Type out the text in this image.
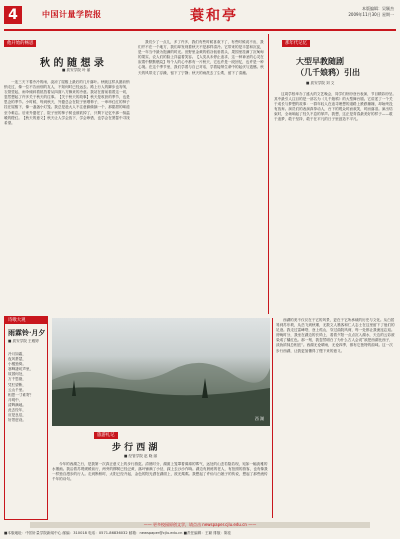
4	中国计量学院报	蓑和亭	本版编辑：吴颖杰
2009年11月30日 星期一
他开始的畅思
秋 的 随 想 录
■ 质安学院 叶 丽
一连三天下着冷冷的雨，浇凉了屋檐上最后的几片落叶。秋就这样从窗前悄悄走过，像一位不告而别的友人，不知何时已经远去。路上行人的脚步也匆匆，衣领竖起，雨伞倾斜着抵挡着从四面八方飘来的冷意。我站在窗前看着这一切，忽然想起了许多关于秋天的往事。【关于秋天的故事】秋天是收获的季节，也是思念的季节。小时候，每到秋天，外婆总会在院子里晒柿子，一串串红红的柿子挂在屋檐下，像一盏盏小灯笼。我总是趁大人不注意偷偷摘一个，那甜甜的味道至今难忘。后来外婆老了，院子里的柿子树也被砍掉了，只剩下记忆中那一抹温暖的橙红。【秋天的意义】秋天让人学会放下，学会珍惜，也学会在萧瑟中寻找希望。
我们少了一点儿，多了许多，我们有些时候喜欢下了，有些时候说不出，我们并不在一个地方，我们却发现着秋天不是那样清冷。它带来的是丰盈和沉淀，是一年当中最为饱满的时光。田野里金黄的稻谷低垂着头，果园里挂满了沉甸甸的果实，农人们的脸上洋溢着笑容。【人类从未停止追求，这一种神圣的心灵在寂寞中默默燃烧】每个人的心中都有一片秋天，它也许是一段回忆，也许是一种心境。在这个季节里，我们学着与自己对话，学着接纳生命中的起伏与遗憾。秋天的风带走了浮躁，留下了宁静；秋天的雨洗去了尘埃，留下了清澈。
那年代记忆
大型早教随剧
（几千娘鸦）引出
■ 质安学院 刘 文
这周学校举办了盛大的文艺晚会，同学们纷纷登台表演，节目精彩纷呈。其中最引人注目的是一部名为《几千娘鸦》的大型舞台剧。它讲述了一个关于成长与梦想的故事：一群年轻人在追寻理想的道路上跌跌撞撞，却始终没有放弃。演员们的表演真挚动人，台下的观众时而欢笑，时而落泪。演出结束时，全场响起了经久不息的掌声。我想，这正是青春最美好的样子——敢于追梦，敢于坚持，敢于在平凡的日子里创造不平凡。
诗歌大观
雨霖铃·月夕
■ 质安学院 王雅婷
冷月如霜，
夜风萧瑟，
小楼独倚。
寒蝉凄切声里，
故园何处，
万千思绪，
凭栏望断，
云山千里。
相思一寸谁寄？
月明中、
清辉满地。
此去经年，
应是良辰，
好景虚设。	西 湖
旅游札记
步 行 西 湖
■ 经管学院 赵 晓 丽
今年的西湖之行，是我第一次真正意义上的步行游览。清晨时分，湖面上笼罩着薄薄的雾气，远处的山峦若隐若现，宛如一幅淡雅的水墨画。我沿着苏堤缓缓前行，两旁的柳树已经泛黄，落叶铺满了小径，踩上去沙沙作响。湖边有晨练的老人，有拍照的游客，也有像我一样独自漫步的行人。走到断桥时，太阳已经升起，金色的阳光洒在湖面上，波光粼粼。我想起了许仙与白娘子的传说，想起了那些流传千年的诗句。
西湖的美不仅仅在于它的风景，更在于它所承载的历史与文化。从白居易到苏东坡，从岳飞到秋瑾，无数文人墨客和仁人志士在这里留下了他们的足迹。我走过雷峰塔，登上孤山，穿过曲院风荷，每一处都让我流连忘返。傍晚时分，我坐在湖边的长椅上，看着夕阳一点点沉入湖水，天边的云彩被染成了橘红色。那一刻，我忽然明白了为什么古人会说“欲把西湖比西子，淡妆浓抹总相宜”。西湖无论晴雨，无论四季，都有它独特的韵味。这一次步行西湖，让我更加懂得了慢下来的意义。
—— 更多校园原创文学，请点击 newspaper.cjlu.edu.cn ——
■本版地址：中国计量学院新闻中心 邮编：310018 电话：0571-86836032 邮箱：newspaper@cjlu.edu.cn ■责任编辑：王颖 排版：陈佳
